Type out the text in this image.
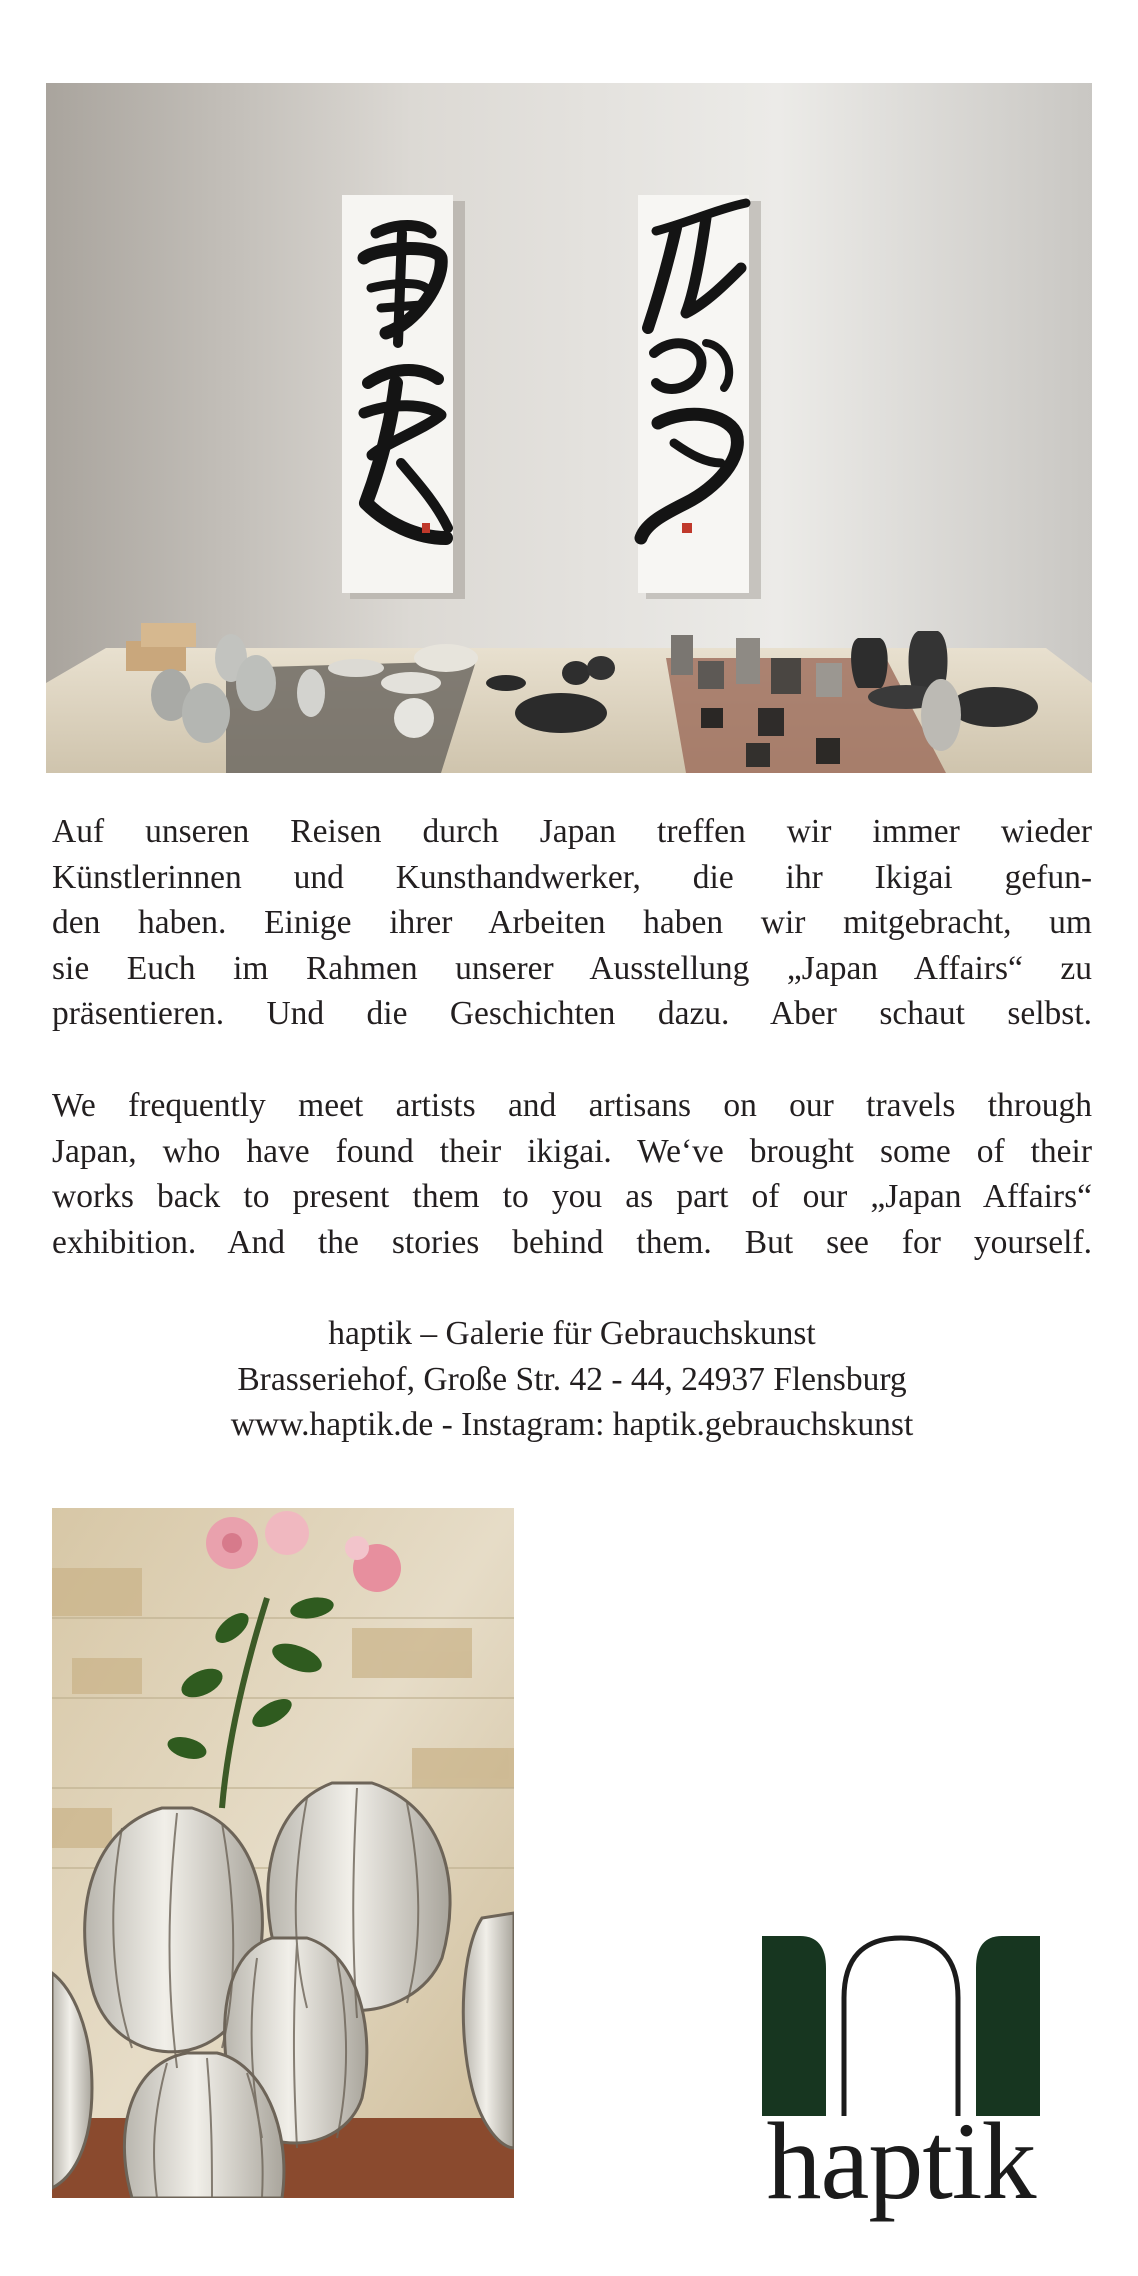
Auf unseren Reisen durch Japan treffen wir immer wieder
Künstlerinnen und Kunsthandwerker, die ihr Ikigai gefun-
den haben. Einige ihrer Arbeiten haben wir mitgebracht, um
sie Euch im Rahmen unserer Ausstellung „Japan Affairs“ zu
präsentieren. Und die Geschichten dazu. Aber schaut selbst.

We frequently meet artists and artisans on our travels through
Japan, who have found their ikigai. We‘ve brought some of their
works back to present them to you as part of our „Japan Affairs“
exhibition. And the stories behind them. But see for yourself.

haptik – Galerie für Gebrauchskunst
Brasseriehof, Große Str. 42 - 44, 24937 Flensburg
www.haptik.de - Instagram: haptik.gebrauchskunst
haptik
